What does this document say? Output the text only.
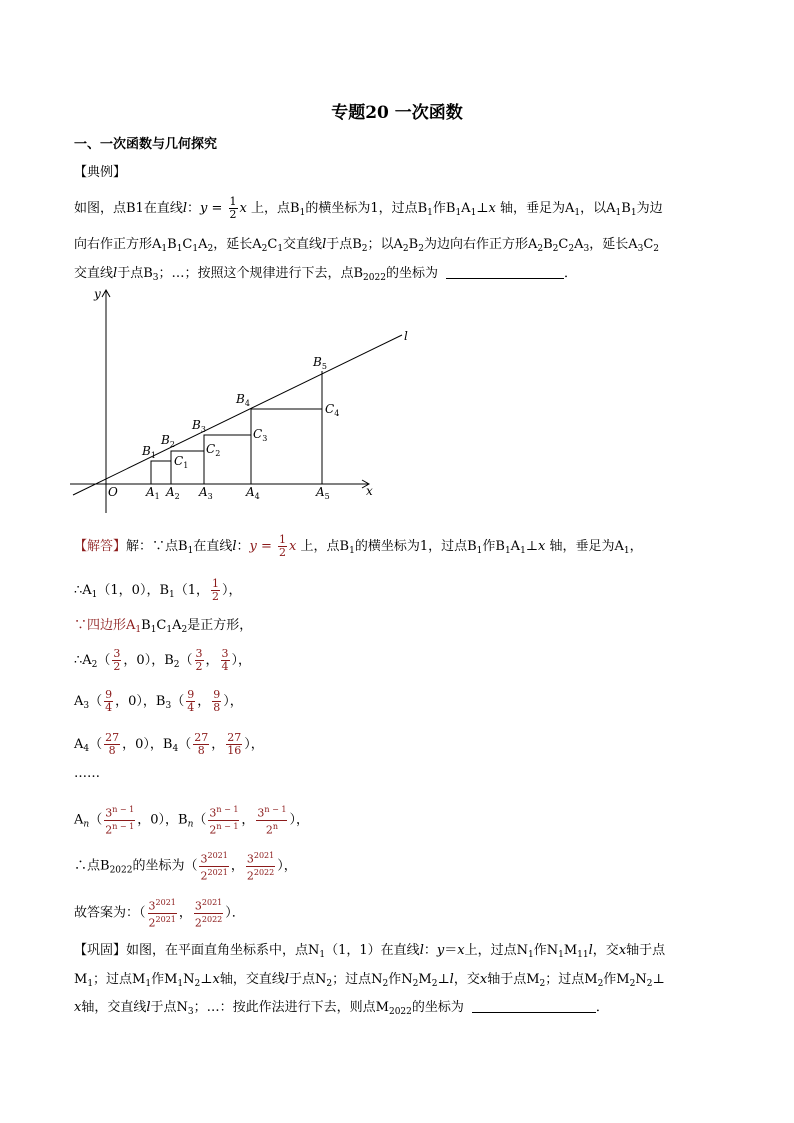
专题20 一次函数
一、一次函数与几何探究
【典例】
如图，点B1在直线l：$y = \frac{1}{2}$ x 上，点$B_1$的横坐标为1，过点$B_1$作$B_1A_1\perp x$ 轴，垂足为$A_1$，以$A_1B_1$为边
向右作正方形$A_1B_1C_1A_2$，延长$A_2C_1$交直线l于点$B_2$；以$A_2B_2$为边向右作正方形$A_2B_2C_2A_3$，延长$A_3C_2$
交直线l于点$B_3$；…；按照这个规律进行下去，点$B_{2022}$的坐标为	．
y
x
O
l
$B_1$
$B_2$
$B_3$
$B_4$
$B_5$
$C_1$
$C_2$
$C_3$
$C_4$
$A_1$ $A_2$ $A_3$	$A_4$	$A_5$
【解答】解：∵点$B_1$在直线l：$y = \frac{1}{2}$ x 上，点$B_1$的横坐标为1，过点$B_1$作$B_1A_1\perp x$ 轴，垂足为$A_1$，
$\therefore A_1(1$，0），$B_1(1$， $\frac{1}{2}$ ），
∵四边形$A_1B_1C_1A_2$是正方形，
$\therefore A_2( \frac{3}{2}$ ，0），$B_2( \frac{3}{2}$ ， $\frac{3}{4}$ ），
$A_3( \frac{9}{4}$ ，0），$B_3( \frac{9}{4}$ ， $\frac{9}{8}$ ），
$A_4( \frac{27}{8}$ ，0），$B_4( \frac{27}{8}$ ， $\frac{27}{16}$ ），
……
$A_n( \frac{3^{n - 1}}{2^{n - 1}}$ ，0），$B_n( \frac{3^{n - 1}}{2^{n - 1}}$ ， $\frac{3^{n - 1}}{2^n}$ ），
∴点$B_{2022}$的坐标为（ $\frac{3^{2021}}{2^{2021}}$ ， $\frac{3^{2021}}{2^{2022}}$ ），
故答案为：（ $\frac{3^{2021}}{2^{2021}}$ ， $\frac{3^{2021}}{2^{2022}}$ ）．
【巩固】如图，在平面直角坐标系中，点$N_1(1$，1）在直线l：y＝x上，过点$N_1$作$N_1M_{11}l$，交x轴于点
$M_1$；过点$M_1$作$M_1N_2\perp x$轴，交直线l于点$N_2$；过点$N_2$作$N_2M_2\perp l$，交x轴于点$M_2$；过点$M_2$作$M_2N_2\perp$
x轴，交直线l于点$N_3$；…：按此作法进行下去，则点$M_{2022}$的坐标为	．
